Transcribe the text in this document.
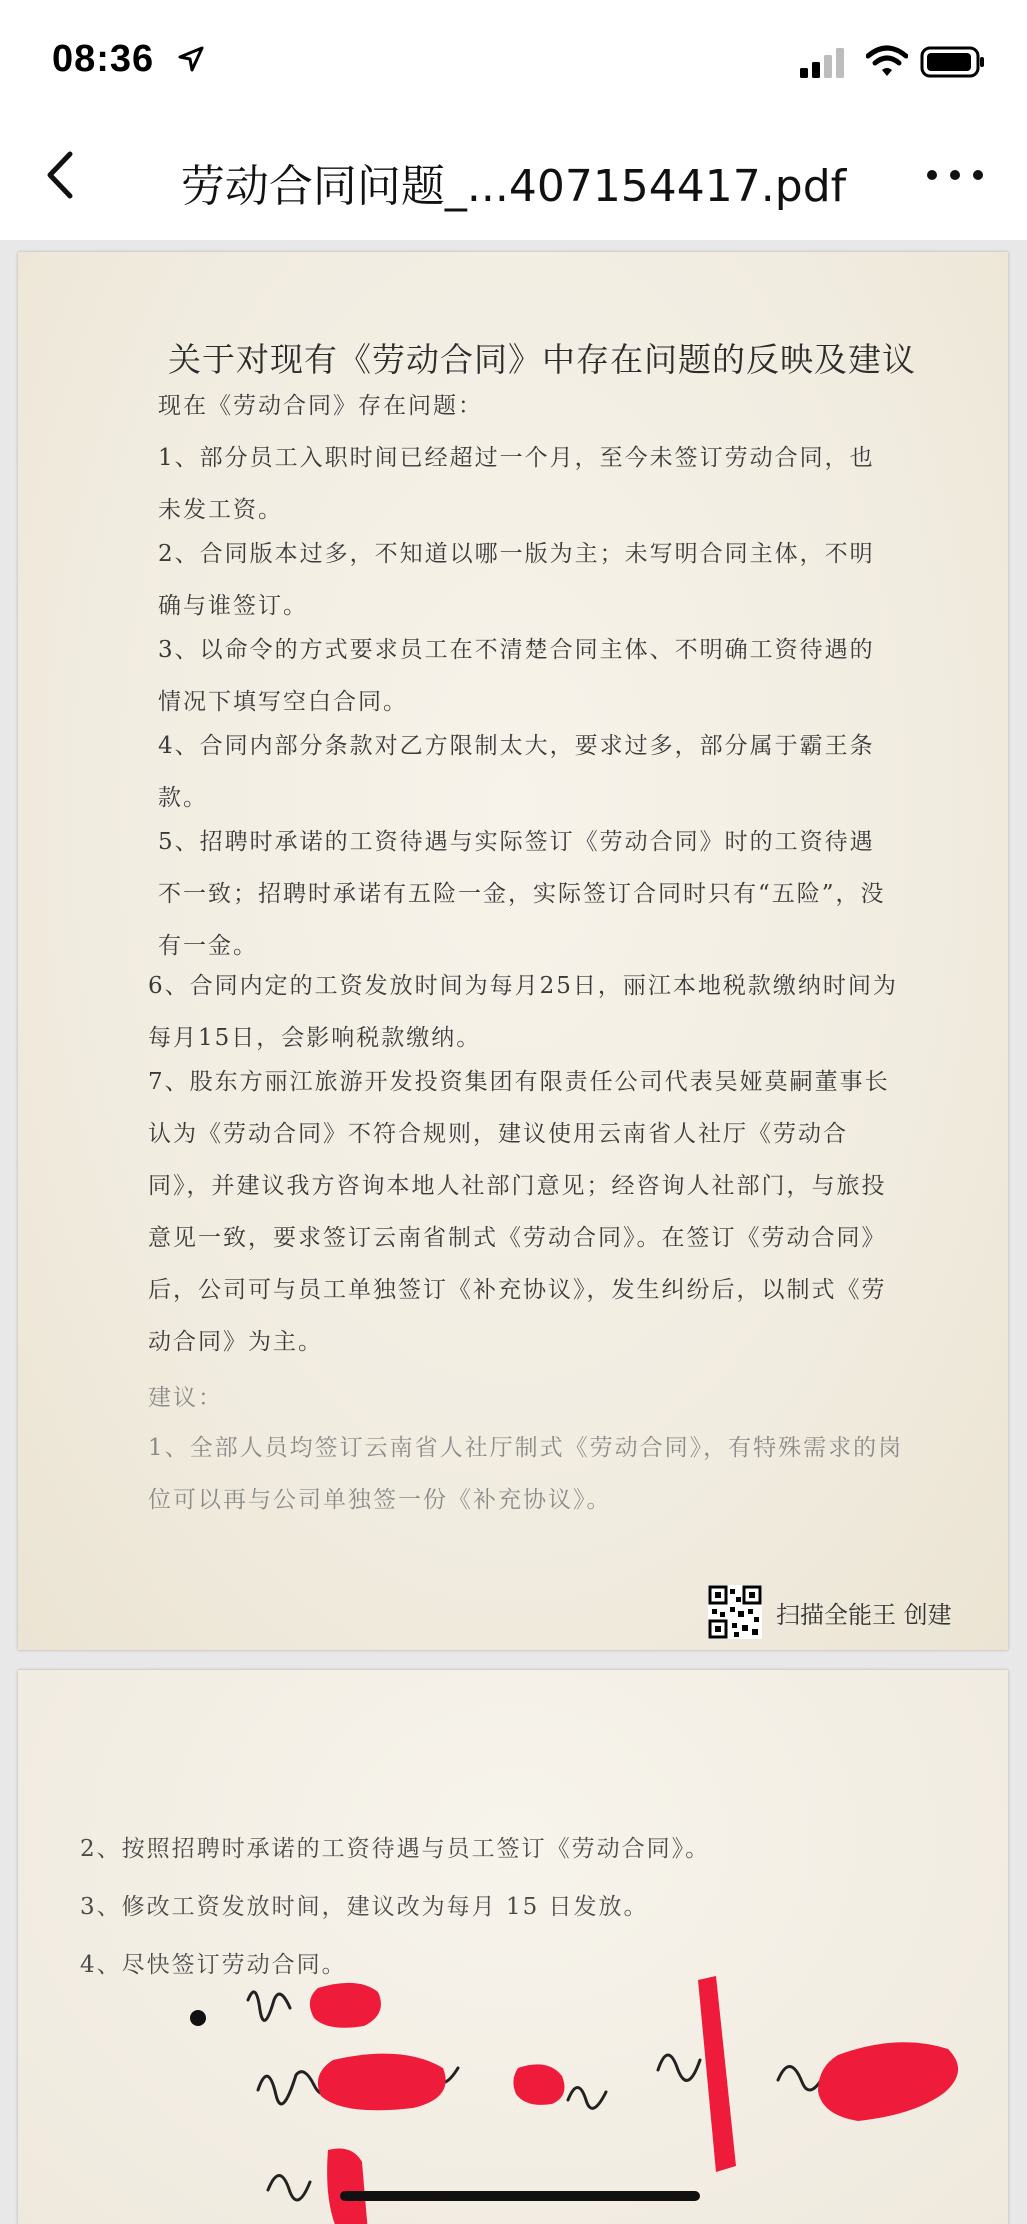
08:36
劳动合同问题_...407154417.pdf
关于对现有《劳动合同》中存在问题的反映及建议
现在《劳动合同》存在问题：
1、部分员工入职时间已经超过一个月，至今未签订劳动合同，也未发工资。
2、合同版本过多，不知道以哪一版为主；未写明合同主体，不明确与谁签订。
3、以命令的方式要求员工在不清楚合同主体、不明确工资待遇的情况下填写空白合同。
4、合同内部分条款对乙方限制太大，要求过多，部分属于霸王条款。
5、招聘时承诺的工资待遇与实际签订《劳动合同》时的工资待遇不一致；招聘时承诺有五险一金，实际签订合同时只有“五险”，没有一金。
6、合同内定的工资发放时间为每月25日，丽江本地税款缴纳时间为每月15日，会影响税款缴纳。
7、股东方丽江旅游开发投资集团有限责任公司代表吴娅莫嗣董事长认为《劳动合同》不符合规则，建议使用云南省人社厅《劳动合同》，并建议我方咨询本地人社部门意见；经咨询人社部门，与旅投意见一致，要求签订云南省制式《劳动合同》。在签订《劳动合同》后，公司可与员工单独签订《补充协议》，发生纠纷后，以制式《劳动合同》为主。
建议：
1、全部人员均签订云南省人社厅制式《劳动合同》，有特殊需求的岗位可以再与公司单独签一份《补充协议》。
扫描全能王 创建
2、按照招聘时承诺的工资待遇与员工签订《劳动合同》。
3、修改工资发放时间，建议改为每月 15 日发放。
4、尽快签订劳动合同。
